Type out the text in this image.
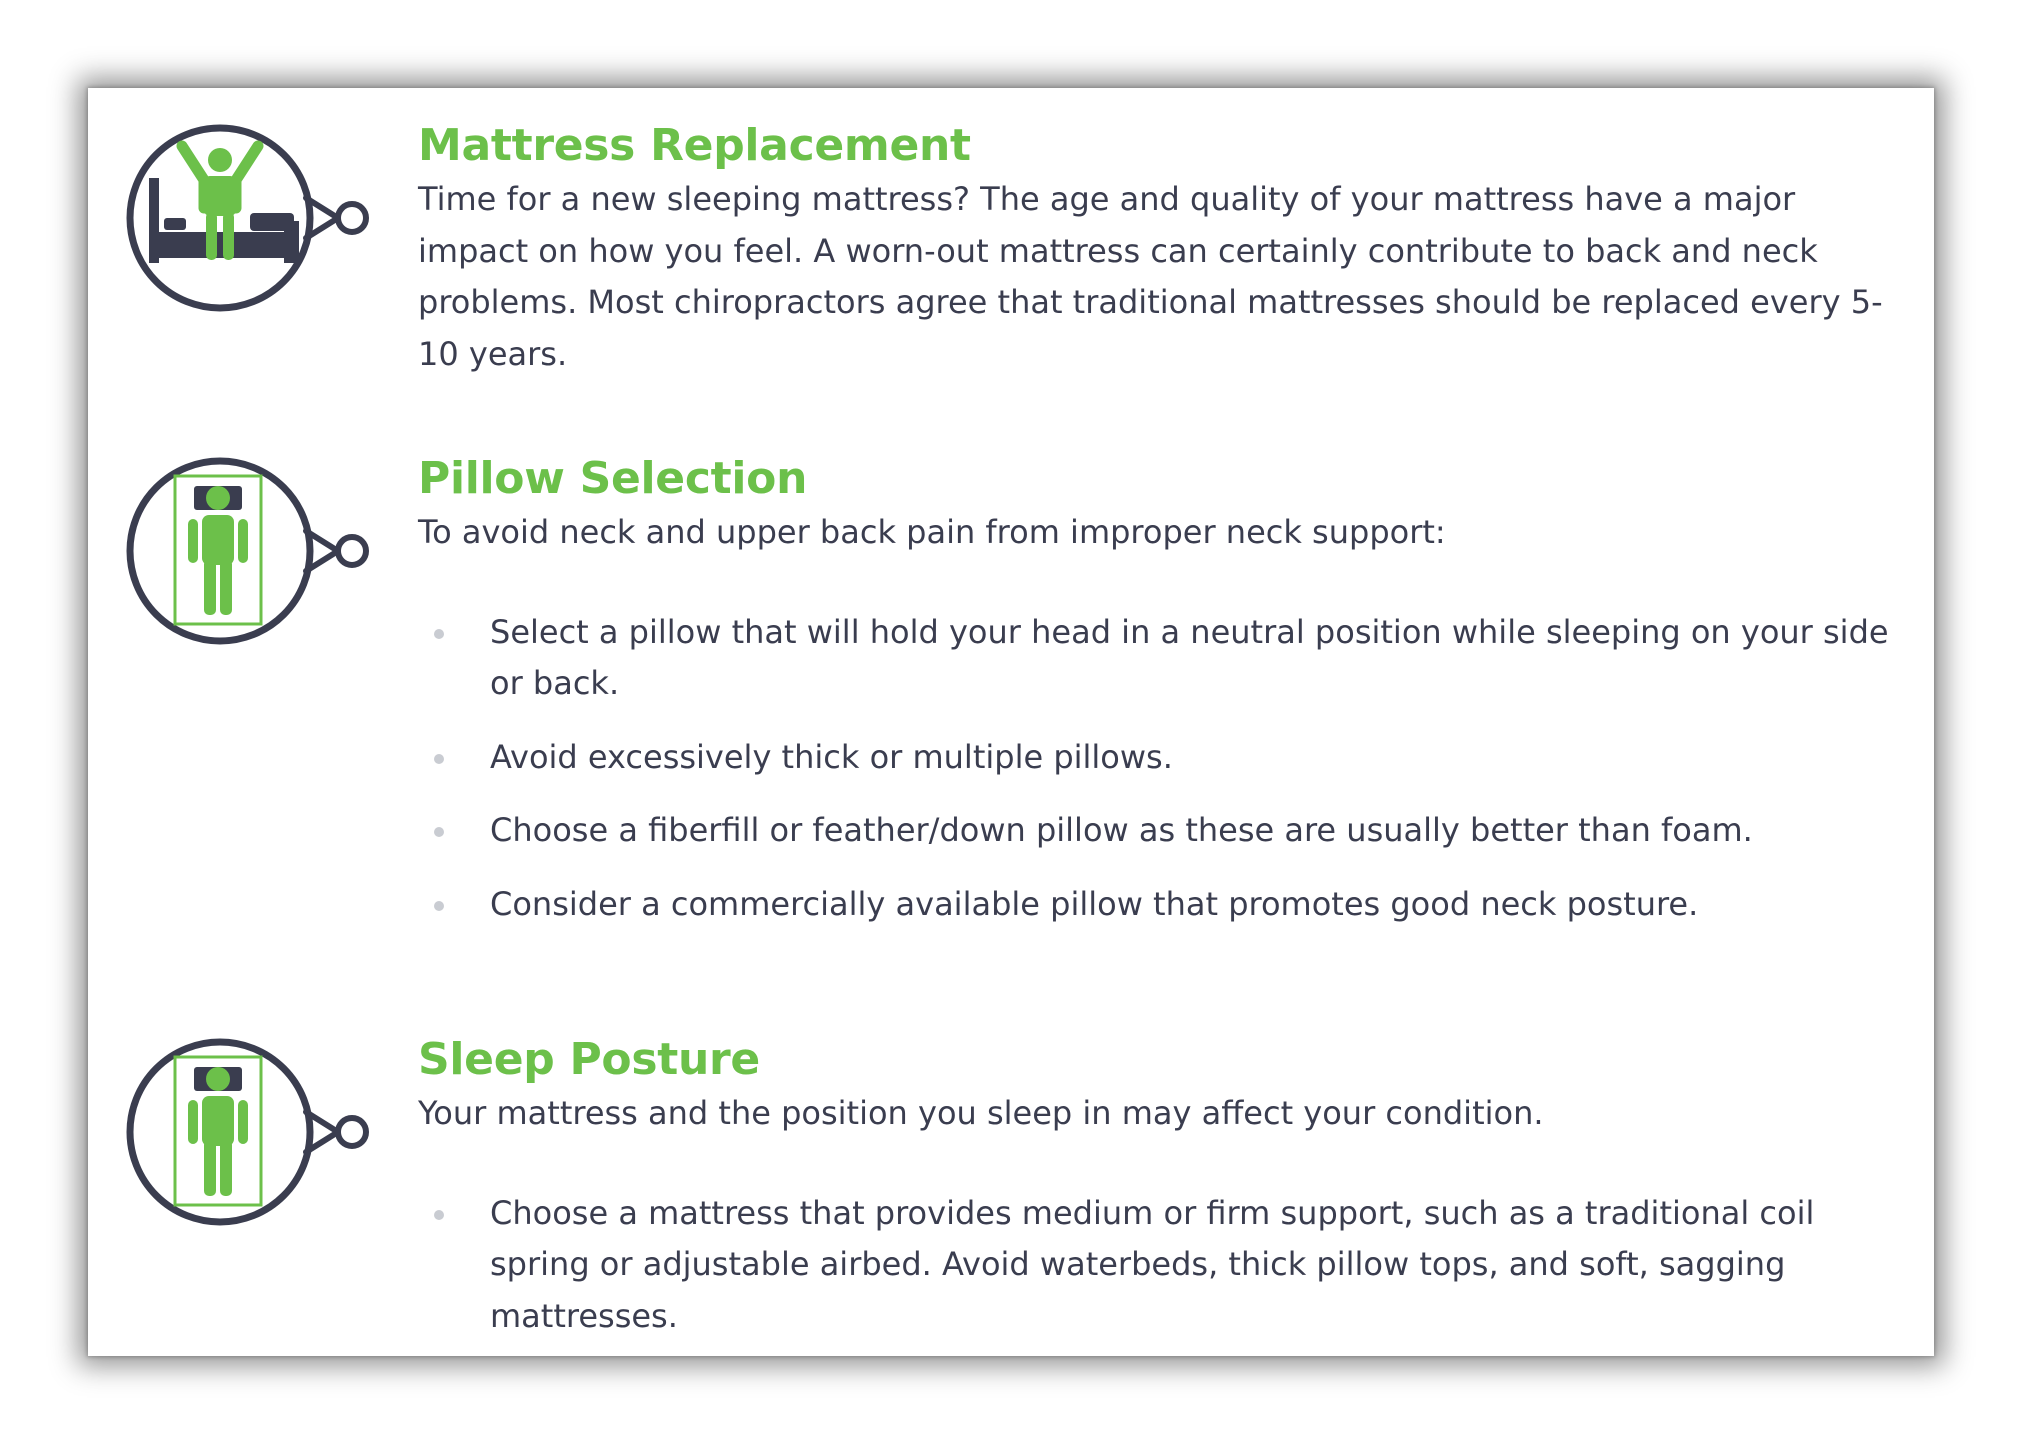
Mattress Replacement

Time for a new sleeping mattress? The age and quality of your mattress have a major impact on how you feel. A worn-out mattress can certainly contribute to back and neck problems. Most chiropractors agree that traditional mattresses should be replaced every 5-10 years.

Pillow Selection

To avoid neck and upper back pain from improper neck support:

Select a pillow that will hold your head in a neutral position while sleeping on your side or back.
Avoid excessively thick or multiple pillows.
Choose a fiberfill or feather/down pillow as these are usually better than foam.
Consider a commercially available pillow that promotes good neck posture.
Sleep Posture

Your mattress and the position you sleep in may affect your condition.

Choose a mattress that provides medium or firm support, such as a traditional coil spring or adjustable airbed. Avoid waterbeds, thick pillow tops, and soft, sagging mattresses.
